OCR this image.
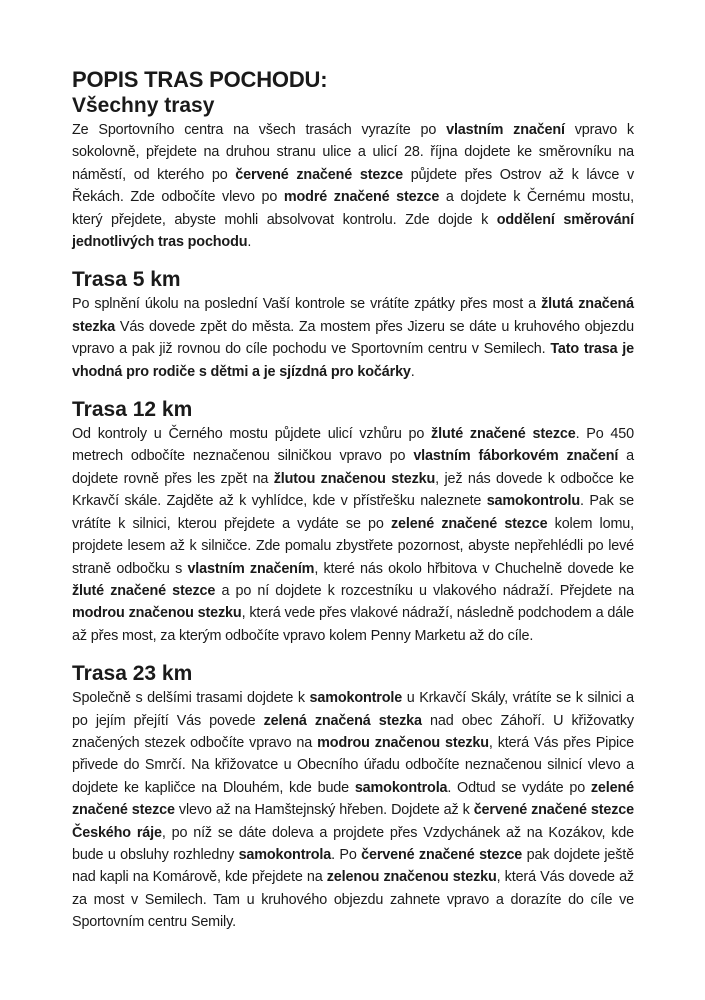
POPIS TRAS POCHODU:
Všechny trasy

Ze Sportovního centra na všech trasách vyrazíte po vlastním značení vpravo k sokolovně, přejdete na druhou stranu ulice a ulicí 28. října dojdete ke směrovníku na náměstí, od kterého po červené značené stezce půjdete přes Ostrov až k lávce v Řekách. Zde odbočíte vlevo po modré značené stezce a dojdete k Černému mostu, který přejdete, abyste mohli absolvovat kontrolu. Zde dojde k oddělení směrování jednotlivých tras pochodu.

Trasa 5 km

Po splnění úkolu na poslední Vaší kontrole se vrátíte zpátky přes most a žlutá značená stezka Vás dovede zpět do města. Za mostem přes Jizeru se dáte u kruhového objezdu vpravo a pak již rovnou do cíle pochodu ve Sportovním centru v Semilech. Tato trasa je vhodná pro rodiče s dětmi a je sjízdná pro kočárky.

Trasa 12 km

Od kontroly u Černého mostu půjdete ulicí vzhůru po žluté značené stezce. Po 450 metrech odbočíte neznačenou silničkou vpravo po vlastním fáborkovém značení a dojdete rovně přes les zpět na žlutou značenou stezku, jež nás dovede k odbočce ke Krkavčí skále. Zajděte až k vyhlídce, kde v přístřešku naleznete samokontrolu. Pak se vrátíte k silnici, kterou přejdete a vydáte se po zelené značené stezce kolem lomu, projdete lesem až k silničce. Zde pomalu zbystřete pozornost, abyste nepřehlédli po levé straně odbočku s vlastním značením, které nás okolo hřbitova v Chuchelně dovede ke žluté značené stezce a po ní dojdete k rozcestníku u vlakového nádraží. Přejdete na modrou značenou stezku, která vede přes vlakové nádraží, následně podchodem a dále až přes most, za kterým odbočíte vpravo kolem Penny Marketu až do cíle.

Trasa 23 km

Společně s delšími trasami dojdete k samokontrole u Krkavčí Skály, vrátíte se k silnici a po jejím přejítí Vás povede zelená značená stezka nad obec Záhoří. U křižovatky značených stezek odbočíte vpravo na modrou značenou stezku, která Vás přes Pipice přivede do Smrčí. Na křižovatce u Obecního úřadu odbočíte neznačenou silnicí vlevo a dojdete ke kapličce na Dlouhém, kde bude samokontrola. Odtud se vydáte po zelené značené stezce vlevo až na Hamštejnský hřeben. Dojdete až k červené značené stezce Českého ráje, po níž se dáte doleva a projdete přes Vzdychánek až na Kozákov, kde bude u obsluhy rozhledny samokontrola. Po červené značené stezce pak dojdete ještě nad kapli na Komárově, kde přejdete na zelenou značenou stezku, která Vás dovede až za most v Semilech. Tam u kruhového objezdu zahnete vpravo a dorazíte do cíle ve Sportovním centru Semily.
